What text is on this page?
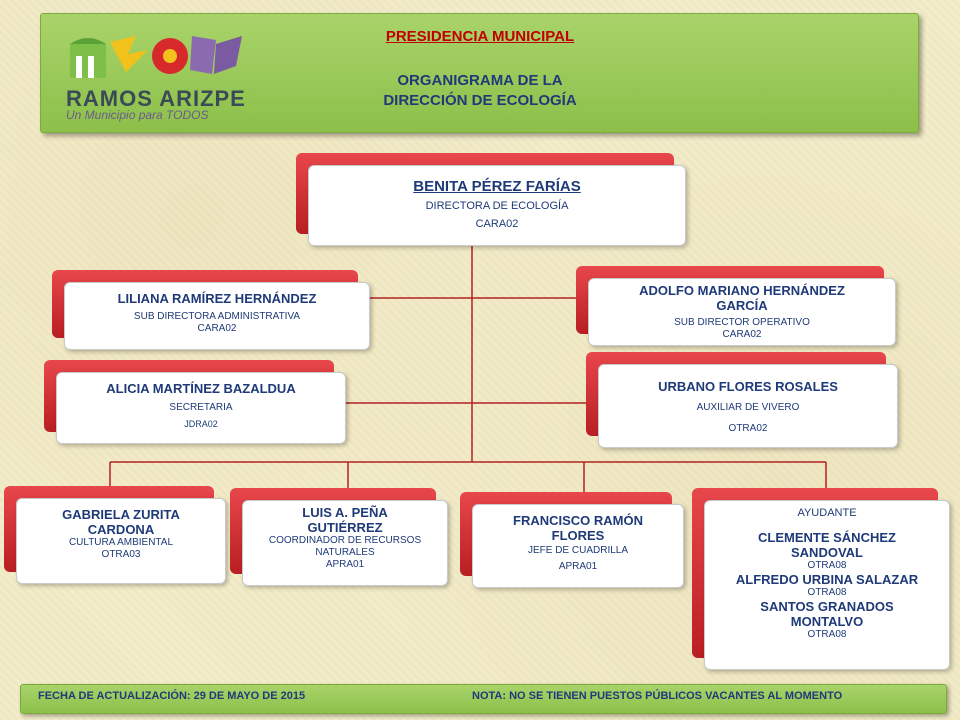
RAMOS ARIZPE
Un Municipio para TODOS
PRESIDENCIA MUNICIPAL
ORGANIGRAMA DE LA
DIRECCIÓN DE ECOLOGÍA
BENITA PÉREZ FARÍAS
DIRECTORA DE ECOLOGÍA
CARA02
LILIANA RAMÍREZ HERNÁNDEZ
SUB DIRECTORA ADMINISTRATIVA
CARA02
ADOLFO MARIANO HERNÁNDEZ
GARCÍA
SUB DIRECTOR OPERATIVO
CARA02
ALICIA MARTÍNEZ BAZALDUA
SECRETARIA
JDRA02
URBANO FLORES ROSALES
AUXILIAR DE VIVERO
OTRA02
GABRIELA ZURITA
CARDONA
CULTURA AMBIENTAL
OTRA03
LUIS A. PEÑA
GUTIÉRREZ
COORDINADOR DE RECURSOS
NATURALES
APRA01
FRANCISCO RAMÓN
FLORES
JEFE DE CUADRILLA
APRA01
AYUDANTE
CLEMENTE SÁNCHEZ
SANDOVAL
OTRA08
ALFREDO URBINA SALAZAR
OTRA08
SANTOS GRANADOS
MONTALVO
OTRA08
FECHA DE ACTUALIZACIÓN: 29 DE MAYO DE 2015	NOTA: NO SE TIENEN PUESTOS PÚBLICOS VACANTES AL MOMENTO
